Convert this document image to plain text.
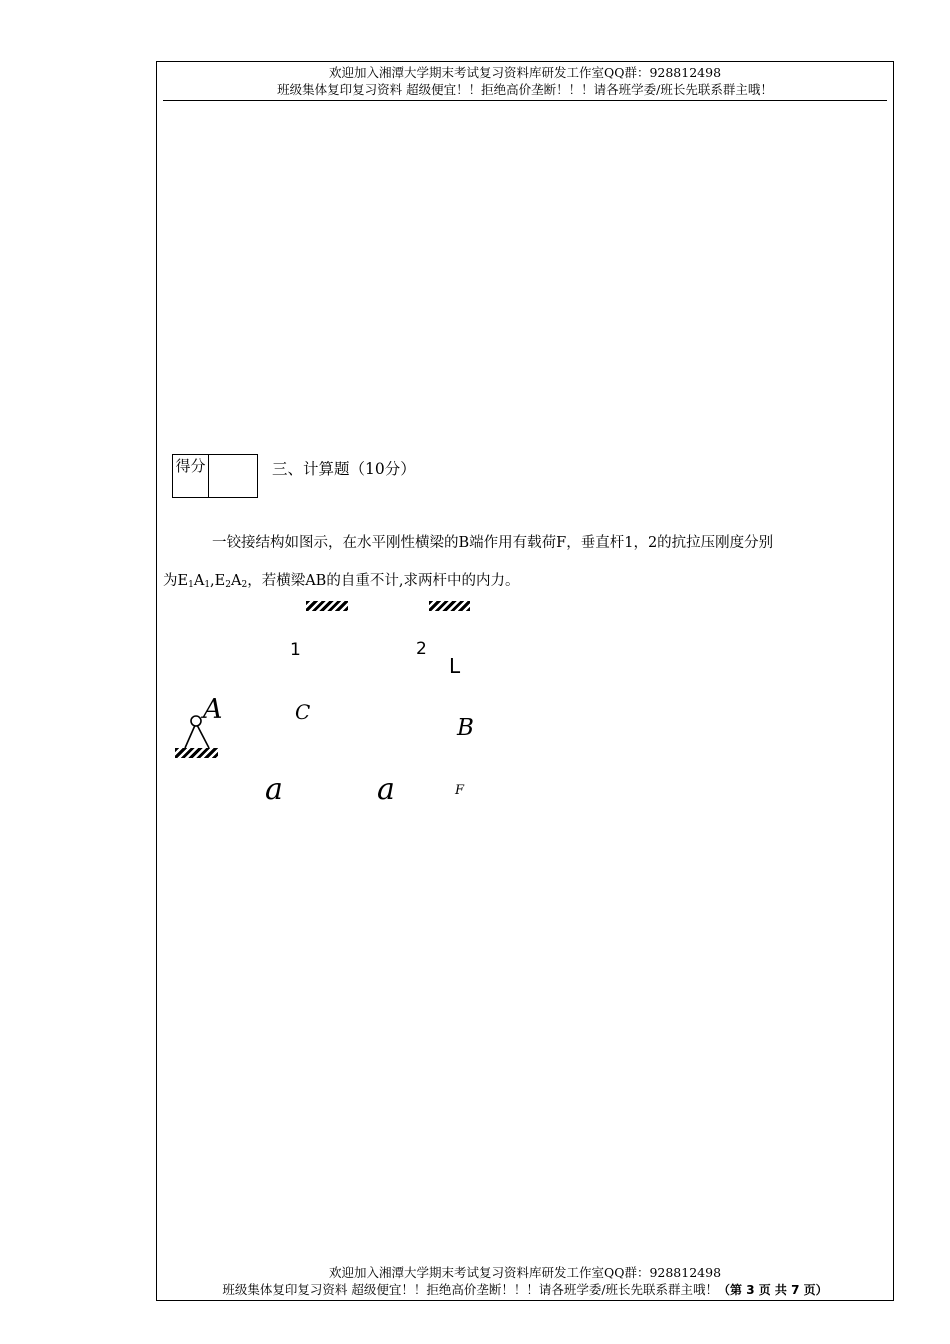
欢迎加入湘潭大学期末考试复习资料库研发工作室QQ群：928812498
班级集体复印复习资料 超级便宜！！拒绝高价垄断！！！请各班学委/班长先联系群主哦！
得分	三、计算题（10分）
一铰接结构如图示，在水平刚性横梁的B端作用有载荷F，垂直杆1，2的抗拉压刚度分别
为$E_1A_1,E_2A_2$，若横梁AB的自重不计,求两杆中的内力。
1	2
L
A	C
B
a	a	F
欢迎加入湘潭大学期末考试复习资料库研发工作室QQ群：928812498
班级集体复印复习资料 超级便宜！！拒绝高价垄断！！！请各班学委/班长先联系群主哦！（第 3 页 共 7 页）
